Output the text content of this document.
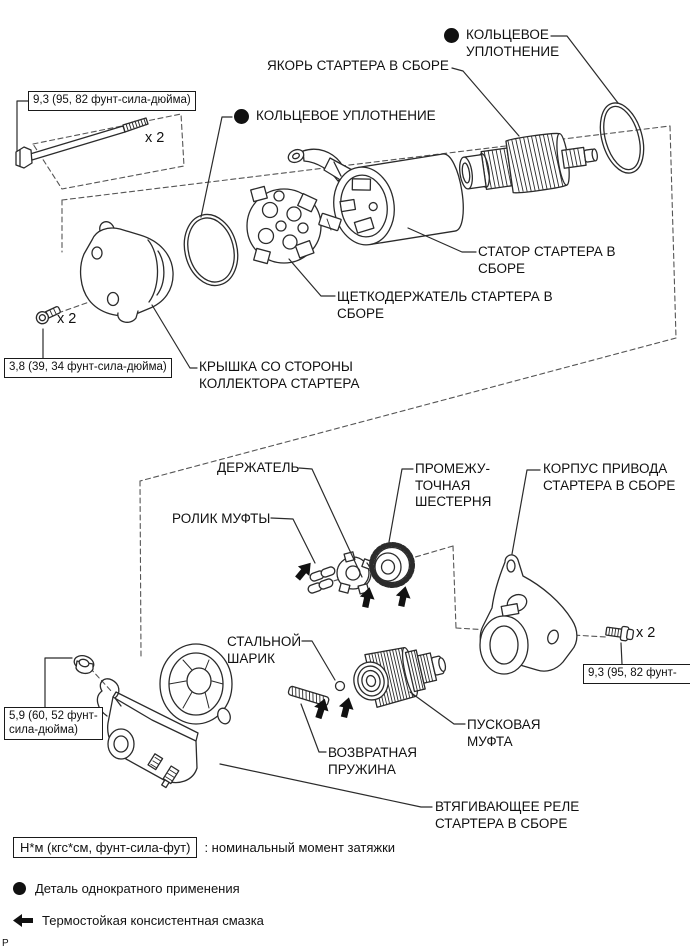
ЯКОРЬ СТАРТЕРА В СБОРЕ
КОЛЬЦЕВОЕ
УПЛОТНЕНИЕ
КОЛЬЦЕВОЕ УПЛОТНЕНИЕ
СТАТОР СТАРТЕРА В
СБОРЕ
ЩЕТКОДЕРЖАТЕЛЬ СТАРТЕРА В
СБОРЕ
КРЫШКА СО СТОРОНЫ
КОЛЛЕКТОРА СТАРТЕРА
ДЕРЖАТЕЛЬ
РОЛИК МУФТЫ
ПРОМЕЖУ-
ТОЧНАЯ
ШЕСТЕРНЯ
КОРПУС ПРИВОДА
СТАРТЕРА В СБОРЕ
СТАЛЬНОЙ
ШАРИК
ПУСКОВАЯ
МУФТА
ВОЗВРАТНАЯ
ПРУЖИНА
ВТЯГИВАЮЩЕЕ РЕЛЕ
СТАРТЕРА В СБОРЕ
9,3 (95, 82 фунт-сила-дюйма)
x 2
3,8 (39, 34 фунт-сила-дюйма)
x 2
9,3 (95, 82 фунт-
x 2
5,9 (60, 52 фунт-
сила-дюйма)
Н*м (кгс*см, фунт-сила-фут)	: номинальный момент затяжки
Деталь однократного применения
Термостойкая консистентная смазка
P
